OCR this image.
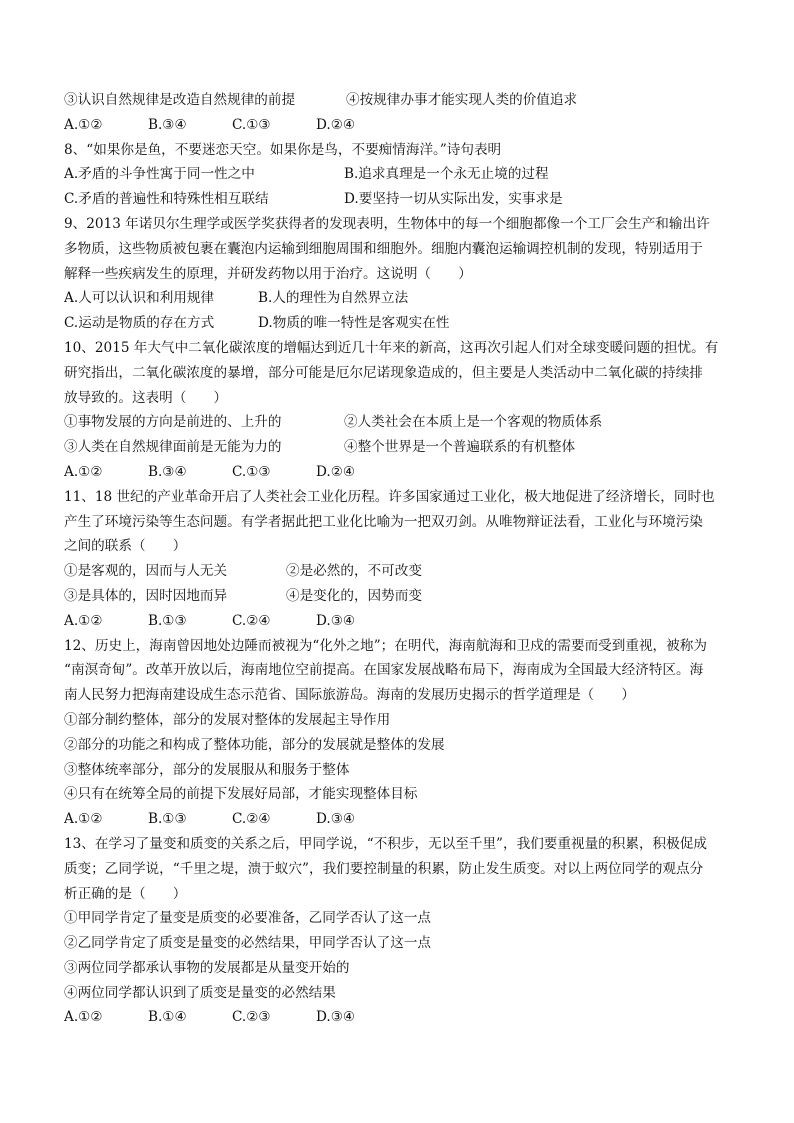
③认识自然规律是改造自然规律的前提	④按规律办事才能实现人类的价值追求
A.①②	B.③④	C.①③	D.②④
8、“如果你是鱼，不要迷恋天空。如果你是鸟，不要痴情海洋。”诗句表明
A.矛盾的斗争性寓于同一性之中	B.追求真理是一个永无止境的过程
C.矛盾的普遍性和特殊性相互联结	D.要坚持一切从实际出发，实事求是
9、2013 年诺贝尔生理学或医学奖获得者的发现表明，生物体中的每一个细胞都像一个工厂会生产和输出许
多物质，这些物质被包裹在囊泡内运输到细胞周围和细胞外。细胞内囊泡运输调控机制的发现，特别适用于
解释一些疾病发生的原理，并研发药物以用于治疗。这说明（　　）
A.人可以认识和利用规律	B.人的理性为自然界立法
C.运动是物质的存在方式	D.物质的唯一特性是客观实在性
10、2015 年大气中二氧化碳浓度的增幅达到近几十年来的新高，这再次引起人们对全球变暖问题的担忧。有
研究指出，二氧化碳浓度的暴增，部分可能是厄尔尼诺现象造成的，但主要是人类活动中二氧化碳的持续排
放导致的。这表明（　　）
①事物发展的方向是前进的、上升的	②人类社会在本质上是一个客观的物质体系
③人类在自然规律面前是无能为力的	④整个世界是一个普遍联系的有机整体
A.①②	B.③④	C.①③	D.②④
11、18 世纪的产业革命开启了人类社会工业化历程。许多国家通过工业化，极大地促进了经济增长，同时也
产生了环境污染等生态问题。有学者据此把工业化比喻为一把双刃剑。从唯物辩证法看，工业化与环境污染
之间的联系（　　）
①是客观的，因而与人无关	②是必然的，不可改变
③是具体的，因时因地而异	④是变化的，因势而变
A.①②	B.①③	C.②④	D.③④
12、历史上，海南曾因地处边陲而被视为“化外之地”；在明代，海南航海和卫戍的需要而受到重视，被称为
“南溟奇甸”。改革开放以后，海南地位空前提高。在国家发展战略布局下，海南成为全国最大经济特区。海
南人民努力把海南建设成生态示范省、国际旅游岛。海南的发展历史揭示的哲学道理是（　　）
①部分制约整体，部分的发展对整体的发展起主导作用
②部分的功能之和构成了整体功能，部分的发展就是整体的发展
③整体统率部分，部分的发展服从和服务于整体
④只有在统筹全局的前提下发展好局部，才能实现整体目标
A.①②	B.①③	C.②④	D.③④
13、在学习了量变和质变的关系之后，甲同学说，“不积步，无以至千里”，我们要重视量的积累，积极促成
质变；乙同学说，“千里之堤，溃于蚁穴”，我们要控制量的积累，防止发生质变。对以上两位同学的观点分
析正确的是（　　）
①甲同学肯定了量变是质变的必要准备，乙同学否认了这一点
②乙同学肯定了质变是量变的必然结果，甲同学否认了这一点
③两位同学都承认事物的发展都是从量变开始的
④两位同学都认识到了质变是量变的必然结果
A.①②	B.①④	C.②③	D.③④
